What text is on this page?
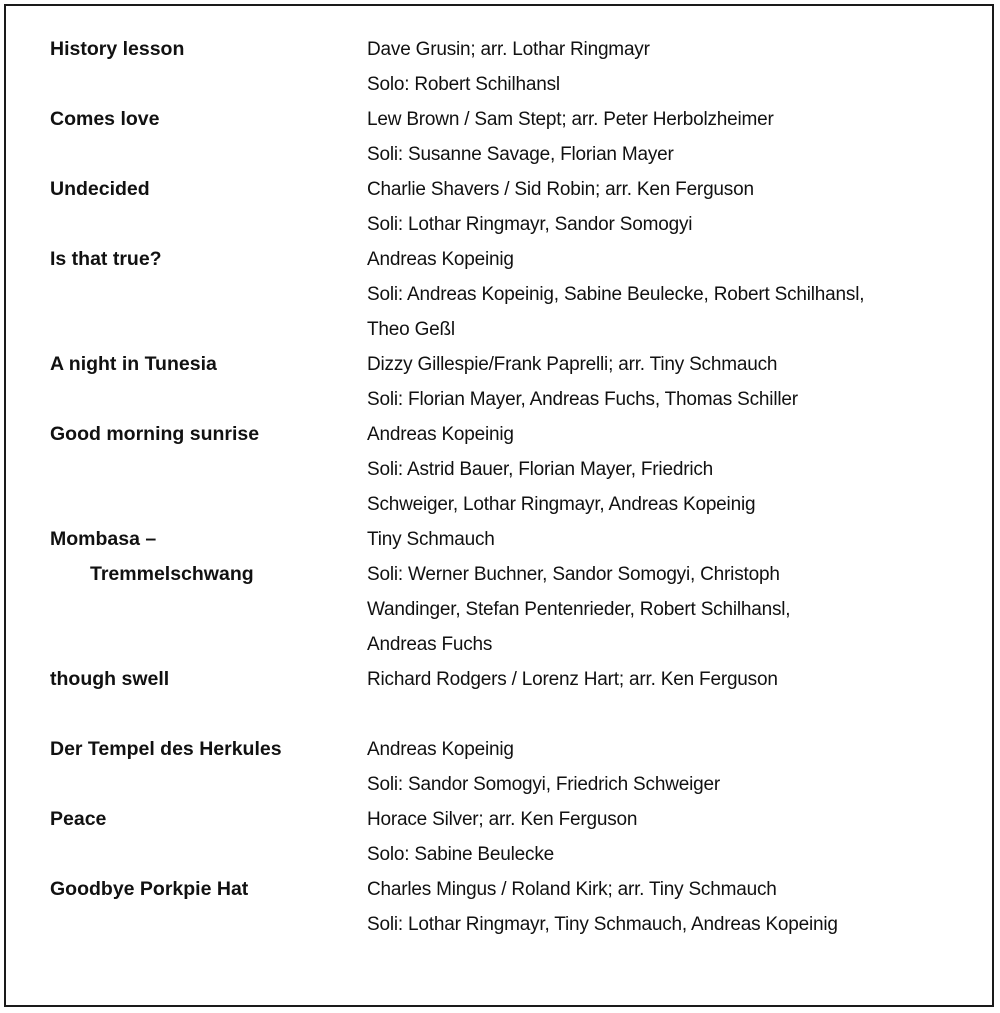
History lesson	Dave Grusin; arr. Lothar Ringmayr
Solo: Robert Schilhansl
Comes love	Lew Brown / Sam Stept; arr. Peter Herbolzheimer
Soli: Susanne Savage, Florian Mayer
Undecided	Charlie Shavers / Sid Robin; arr. Ken Ferguson
Soli: Lothar Ringmayr, Sandor Somogyi
Is that true?	Andreas Kopeinig
Soli: Andreas Kopeinig, Sabine Beulecke, Robert Schilhansl,
Theo Geßl
A night in Tunesia	Dizzy Gillespie/Frank Paprelli; arr. Tiny Schmauch
Soli: Florian Mayer, Andreas Fuchs, Thomas Schiller
Good morning sunrise	Andreas Kopeinig
Soli: Astrid Bauer, Florian Mayer, Friedrich
Schweiger, Lothar Ringmayr, Andreas Kopeinig
Mombasa –	Tiny Schmauch
Tremmelschwang	Soli: Werner Buchner, Sandor Somogyi, Christoph
Wandinger, Stefan Pentenrieder, Robert Schilhansl,
Andreas Fuchs
though swell	Richard Rodgers / Lorenz Hart; arr. Ken Ferguson
Der Tempel des Herkules	Andreas Kopeinig
Soli: Sandor Somogyi, Friedrich Schweiger
Peace	Horace Silver; arr. Ken Ferguson
Solo: Sabine Beulecke
Goodbye Porkpie Hat	Charles Mingus / Roland Kirk; arr. Tiny Schmauch
Soli: Lothar Ringmayr, Tiny Schmauch, Andreas Kopeinig
